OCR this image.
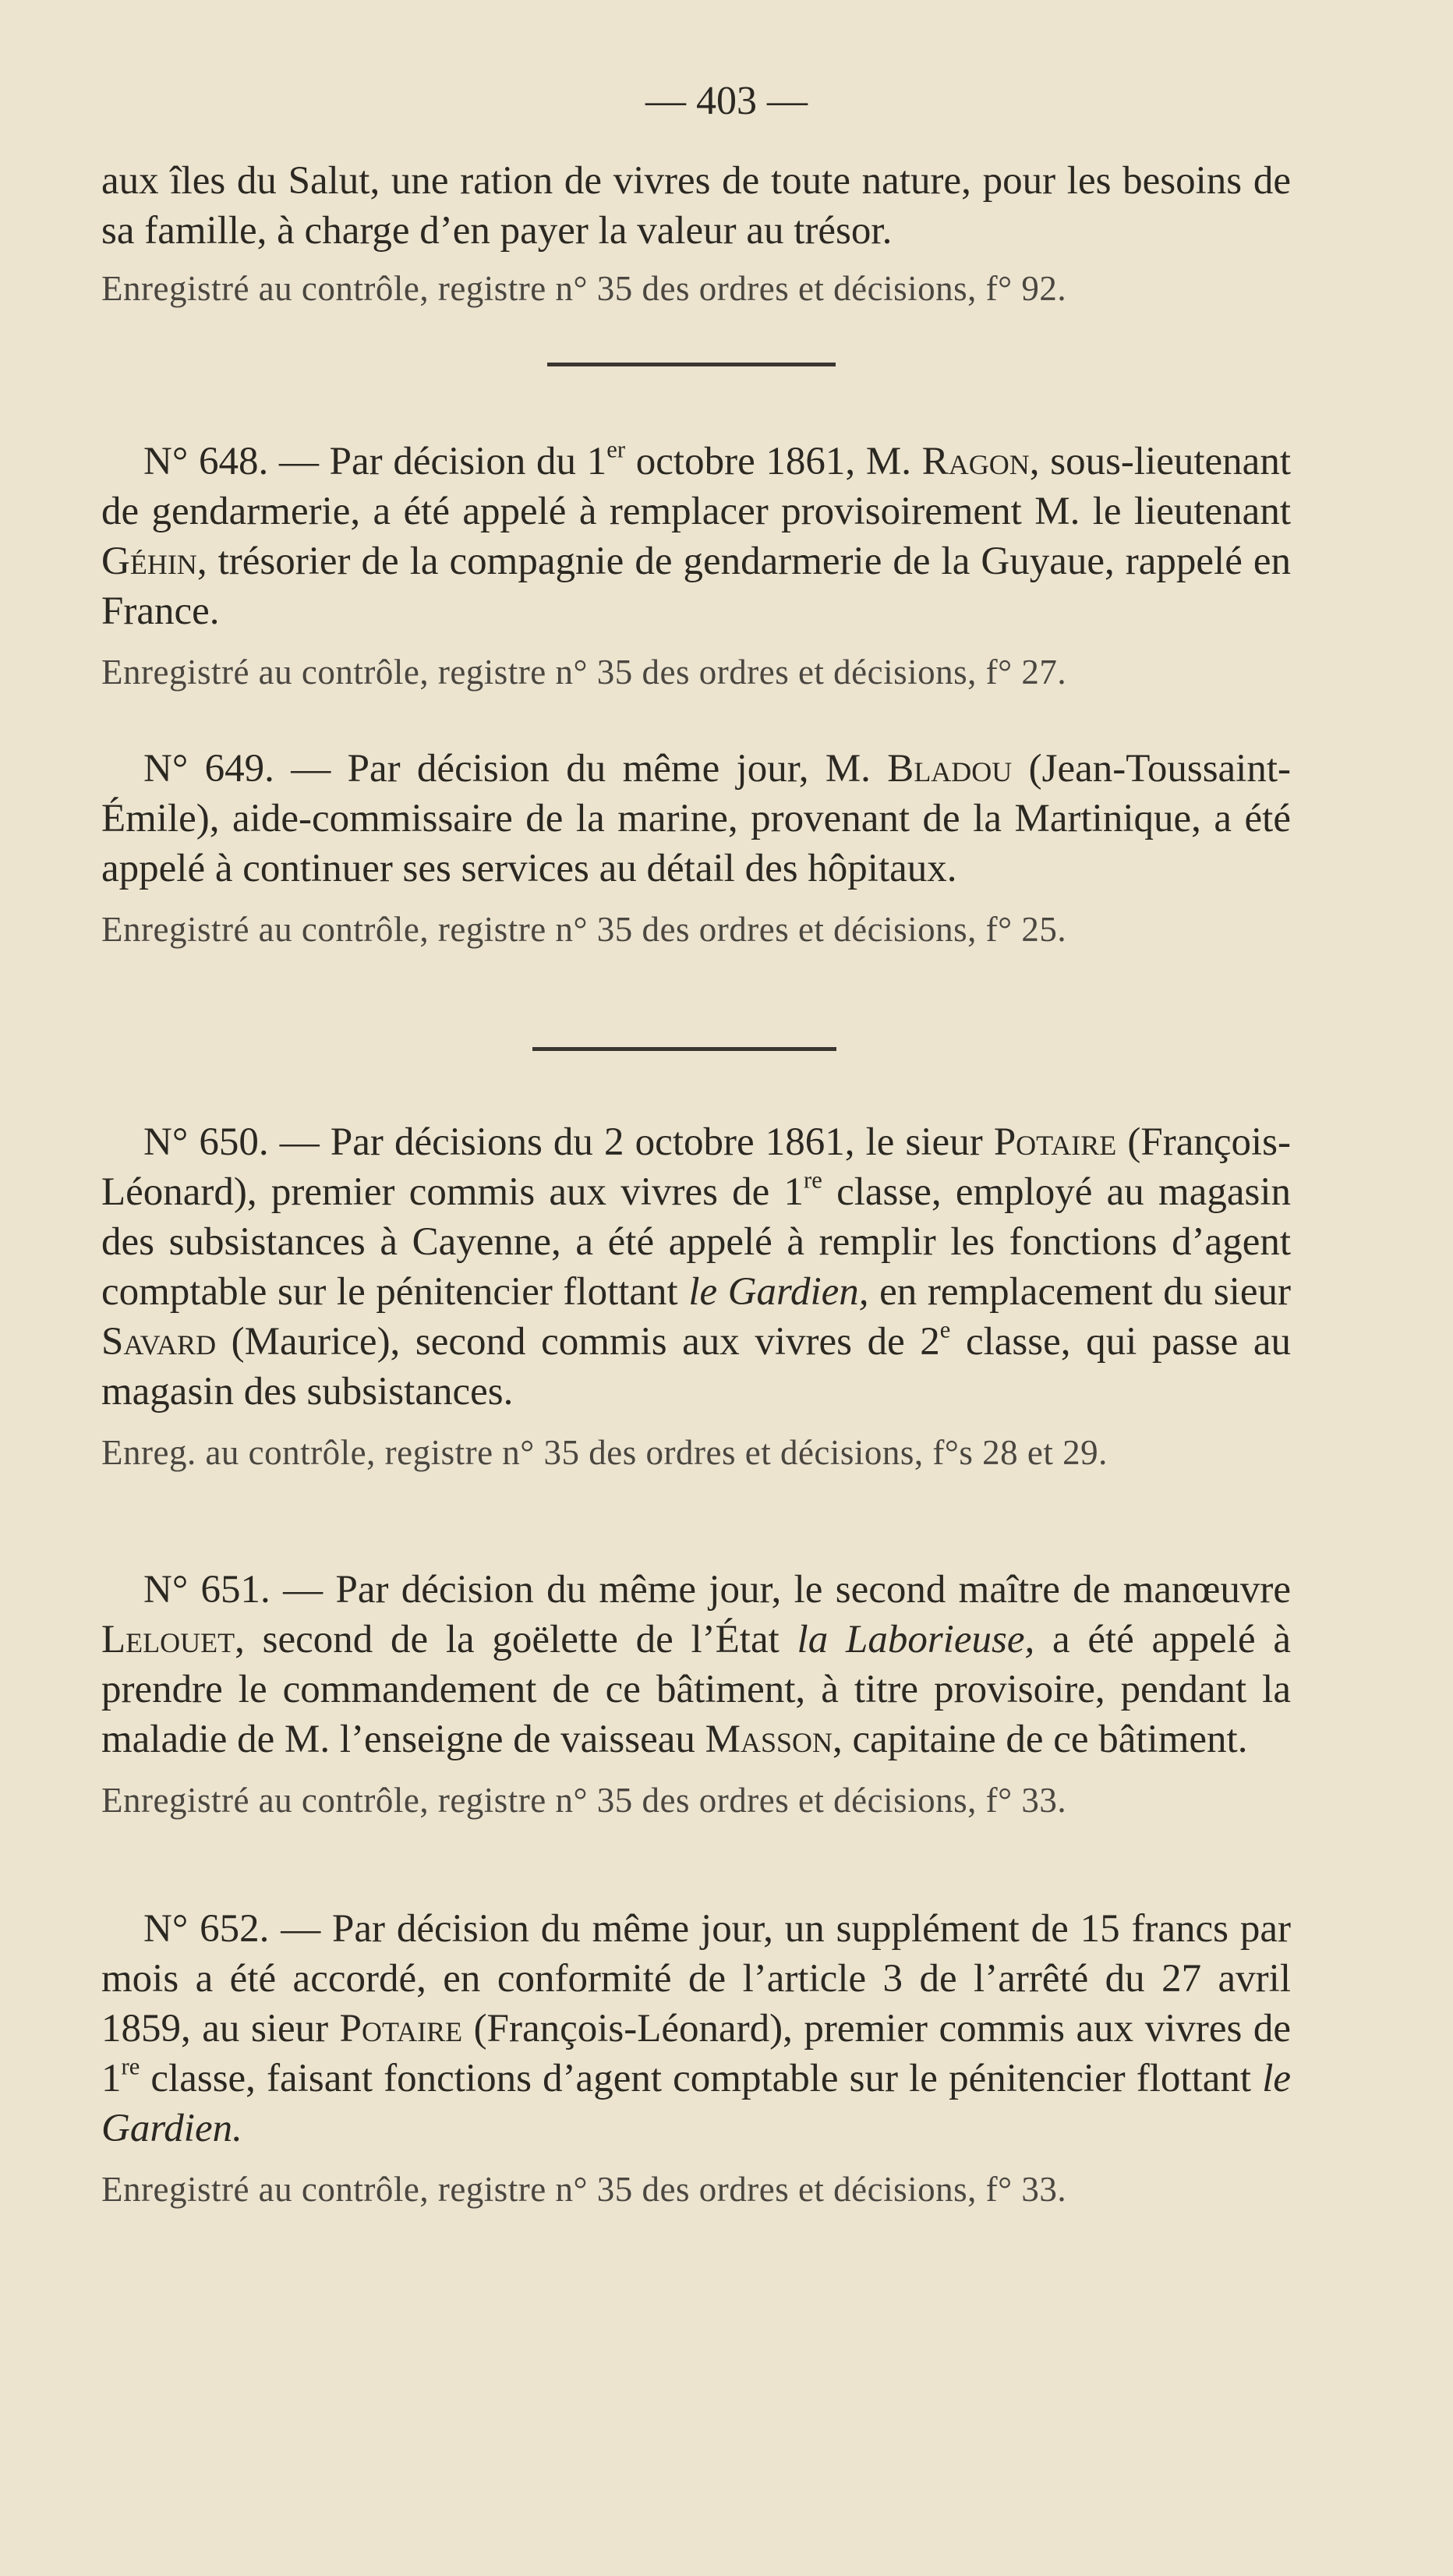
— 403 —

aux îles du Salut, une ration de vivres de toute nature, pour les besoins de sa famille, à charge d’en payer la valeur au trésor.

Enregistré au contrôle, registre n° 35 des ordres et décisions, f° 92.

N° 648. — Par décision du 1er octobre 1861, M. Ragon, sous-lieutenant de gendarmerie, a été appelé à remplacer provisoirement M. le lieutenant Géhin, trésorier de la compagnie de gendarmerie de la Guyaue, rappelé en France.

Enregistré au contrôle, registre n° 35 des ordres et décisions, f° 27.

N° 649. — Par décision du même jour, M. Bladou (Jean-Toussaint-Émile), aide-commissaire de la marine, provenant de la Martinique, a été appelé à continuer ses services au détail des hôpitaux.

Enregistré au contrôle, registre n° 35 des ordres et décisions, f° 25.

N° 650. — Par décisions du 2 octobre 1861, le sieur Potaire (François-Léonard), premier commis aux vivres de 1re classe, employé au magasin des subsistances à Cayenne, a été appelé à remplir les fonctions d’agent comptable sur le pénitencier flottant le Gardien, en remplacement du sieur Savard (Maurice), second commis aux vivres de 2e classe, qui passe au magasin des subsistances.

Enreg. au contrôle, registre n° 35 des ordres et décisions, f°s 28 et 29.

N° 651. — Par décision du même jour, le second maître de manœuvre Lelouet, second de la goëlette de l’État la Laborieuse, a été appelé à prendre le commandement de ce bâtiment, à titre provisoire, pendant la maladie de M. l’enseigne de vaisseau Masson, capitaine de ce bâtiment.

Enregistré au contrôle, registre n° 35 des ordres et décisions, f° 33.

N° 652. — Par décision du même jour, un supplément de 15 francs par mois a été accordé, en conformité de l’article 3 de l’arrêté du 27 avril 1859, au sieur Potaire (François-Léonard), premier commis aux vivres de 1re classe, faisant fonctions d’agent comptable sur le pénitencier flottant le Gardien.

Enregistré au contrôle, registre n° 35 des ordres et décisions, f° 33.
